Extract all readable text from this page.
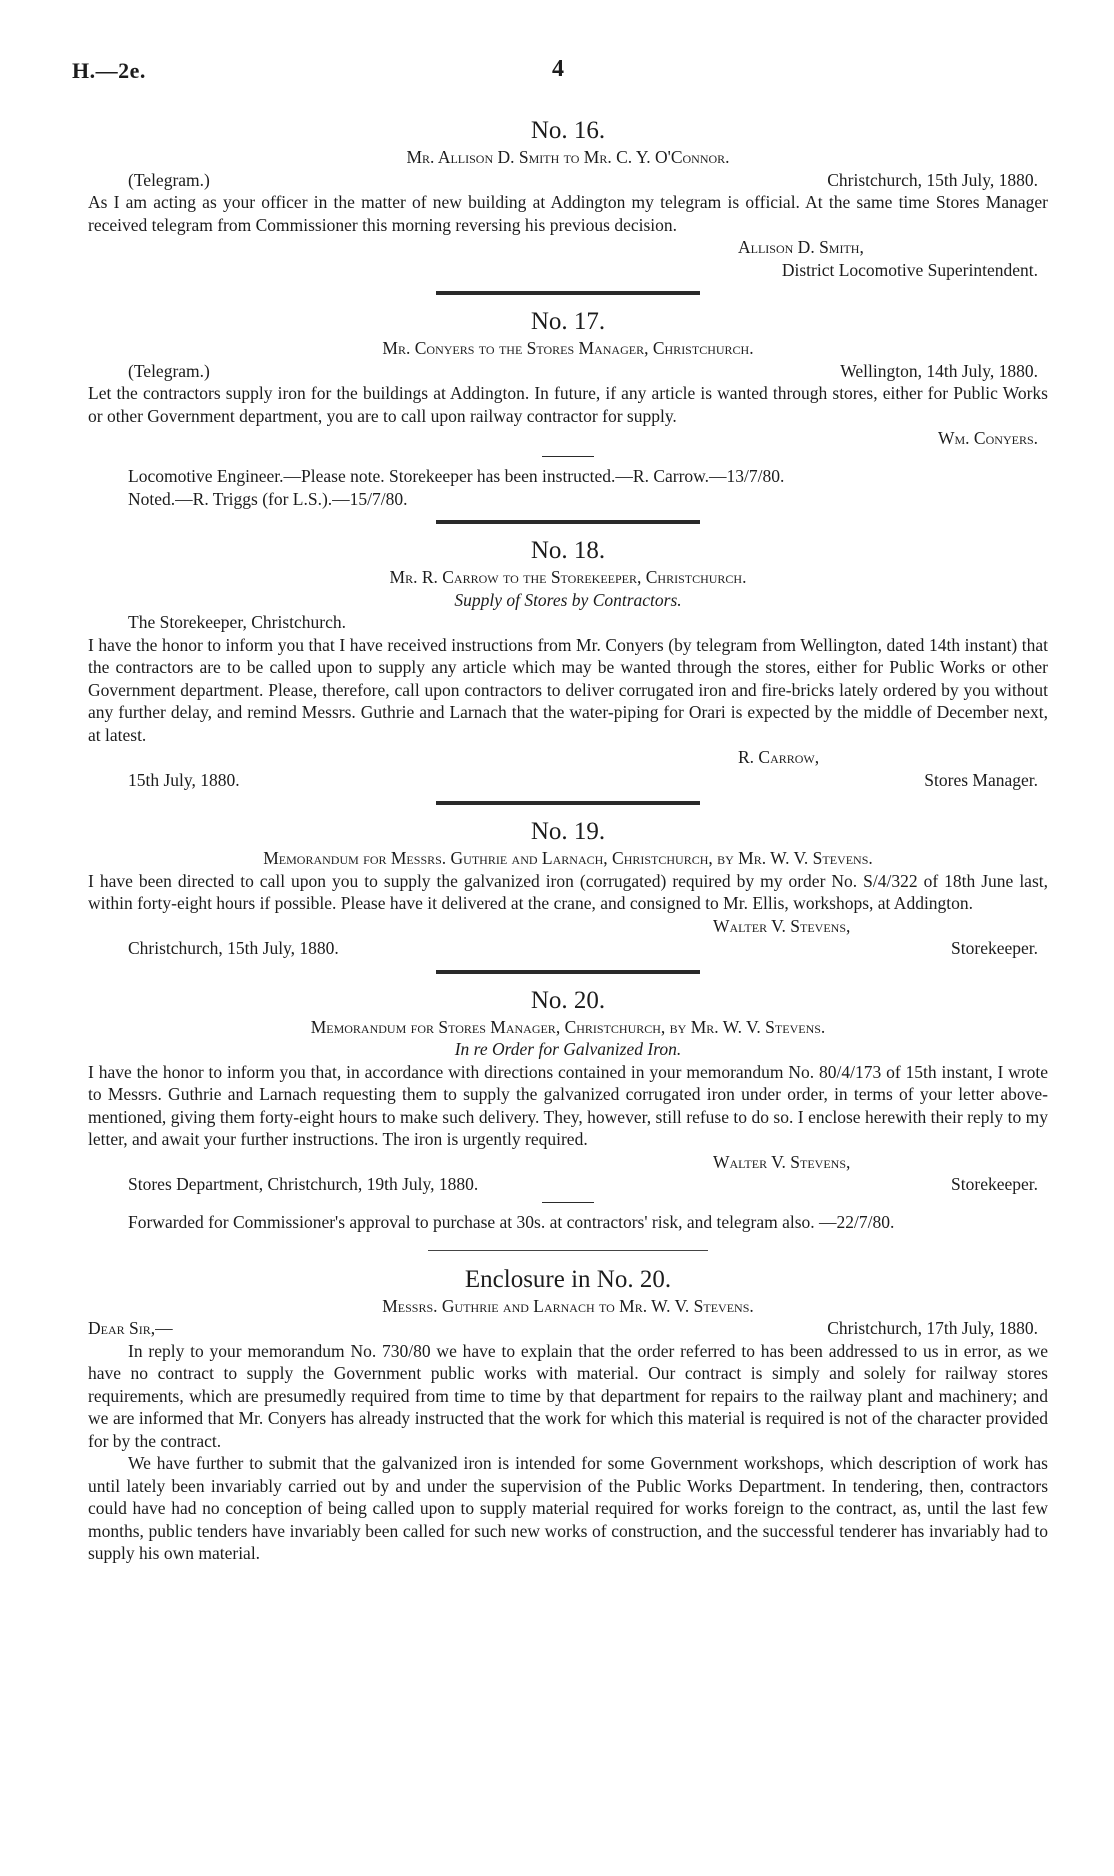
H.—2e.	4
No. 16.
Mr. Allison D. Smith to Mr. C. Y. O'Connor.
(Telegram.)	Christchurch, 15th July, 1880.

As I am acting as your officer in the matter of new building at Addington my telegram is official. At the same time Stores Manager received telegram from Commissioner this morning reversing his previous decision.

Allison D. Smith,
District Locomotive Superintendent.
No. 17.
Mr. Conyers to the Stores Manager, Christchurch.
(Telegram.)	Wellington, 14th July, 1880.

Let the contractors supply iron for the buildings at Addington. In future, if any article is wanted through stores, either for Public Works or other Government department, you are to call upon railway contractor for supply.

Wm. Conyers.
Locomotive Engineer.—Please note. Storekeeper has been instructed.—R. Carrow.—13/7/80.
Noted.—R. Triggs (for L.S.).—15/7/80.
No. 18.
Mr. R. Carrow to the Storekeeper, Christchurch.
Supply of Stores by Contractors.
The Storekeeper, Christchurch.

I have the honor to inform you that I have received instructions from Mr. Conyers (by telegram from Wellington, dated 14th instant) that the contractors are to be called upon to supply any article which may be wanted through the stores, either for Public Works or other Government department. Please, therefore, call upon contractors to deliver corrugated iron and fire-bricks lately ordered by you without any further delay, and remind Messrs. Guthrie and Larnach that the water-piping for Orari is expected by the middle of December next, at latest.

R. Carrow,
15th July, 1880.	Stores Manager.
No. 19.
Memorandum for Messrs. Guthrie and Larnach, Christchurch, by Mr. W. V. Stevens.

I have been directed to call upon you to supply the galvanized iron (corrugated) required by my order No. S/4/322 of 18th June last, within forty-eight hours if possible. Please have it delivered at the crane, and consigned to Mr. Ellis, workshops, at Addington.

Walter V. Stevens,
Christchurch, 15th July, 1880.	Storekeeper.
No. 20.
Memorandum for Stores Manager, Christchurch, by Mr. W. V. Stevens.
In re Order for Galvanized Iron.

I have the honor to inform you that, in accordance with directions contained in your memorandum No. 80/4/173 of 15th instant, I wrote to Messrs. Guthrie and Larnach requesting them to supply the galvanized corrugated iron under order, in terms of your letter above-mentioned, giving them forty-eight hours to make such delivery. They, however, still refuse to do so. I enclose herewith their reply to my letter, and await your further instructions. The iron is urgently required.

Walter V. Stevens,
Stores Department, Christchurch, 19th July, 1880.	Storekeeper.

Forwarded for Commissioner's approval to purchase at 30s. at contractors' risk, and telegram also. —22/7/80.

Enclosure in No. 20.
Messrs. Guthrie and Larnach to Mr. W. V. Stevens.
Dear Sir,—	Christchurch, 17th July, 1880.

In reply to your memorandum No. 730/80 we have to explain that the order referred to has been addressed to us in error, as we have no contract to supply the Government public works with material. Our contract is simply and solely for railway stores requirements, which are presumedly required from time to time by that department for repairs to the railway plant and machinery; and we are informed that Mr. Conyers has already instructed that the work for which this material is required is not of the character provided for by the contract.

We have further to submit that the galvanized iron is intended for some Government workshops, which description of work has until lately been invariably carried out by and under the supervision of the Public Works Department. In tendering, then, contractors could have had no conception of being called upon to supply material required for works foreign to the contract, as, until the last few months, public tenders have invariably been called for such new works of construction, and the successful tenderer has invariably had to supply his own material.
